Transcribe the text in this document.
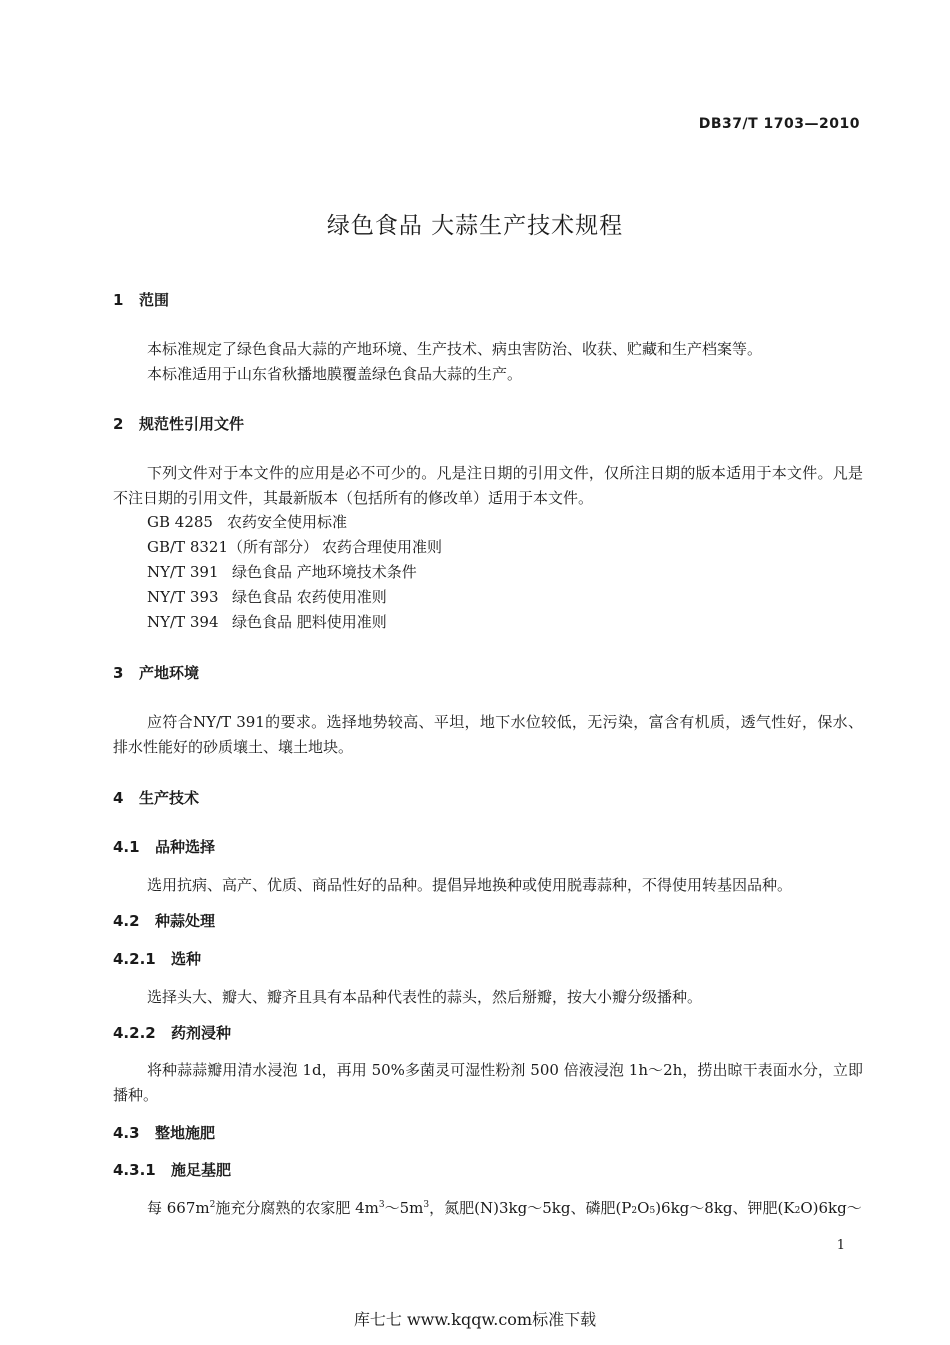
DB37/T 1703—2010
绿色食品 大蒜生产技术规程
1 范围
本标准规定了绿色食品大蒜的产地环境、生产技术、病虫害防治、收获、贮藏和生产档案等。
本标准适用于山东省秋播地膜覆盖绿色食品大蒜的生产。
2 规范性引用文件
下列文件对于本文件的应用是必不可少的。凡是注日期的引用文件，仅所注日期的版本适用于本文件。凡是不注日期的引用文件，其最新版本（包括所有的修改单）适用于本文件。
GB 4285 农药安全使用标准
GB/T 8321（所有部分） 农药合理使用准则
NY/T 391 绿色食品 产地环境技术条件
NY/T 393 绿色食品 农药使用准则
NY/T 394 绿色食品 肥料使用准则
3 产地环境
应符合NY/T 391的要求。选择地势较高、平坦，地下水位较低，无污染，富含有机质，透气性好，保水、排水性能好的砂质壤土、壤土地块。
4 生产技术
4.1 品种选择
选用抗病、高产、优质、商品性好的品种。提倡异地换种或使用脱毒蒜种，不得使用转基因品种。
4.2 种蒜处理
4.2.1 选种
选择头大、瓣大、瓣齐且具有本品种代表性的蒜头，然后掰瓣，按大小瓣分级播种。
4.2.2 药剂浸种
将种蒜蒜瓣用清水浸泡 1d，再用 50%多菌灵可湿性粉剂 500 倍液浸泡 1h～2h，捞出晾干表面水分，立即播种。
4.3 整地施肥
4.3.1 施足基肥
每 $667m^2$施充分腐熟的农家肥 $4m^3\sim 5m^3$，氮肥(N)3kg～5kg、磷肥(P2O5)6kg～8kg、钾肥(K2O)6kg～
1
库七七 www.kqqw.com标准下载
